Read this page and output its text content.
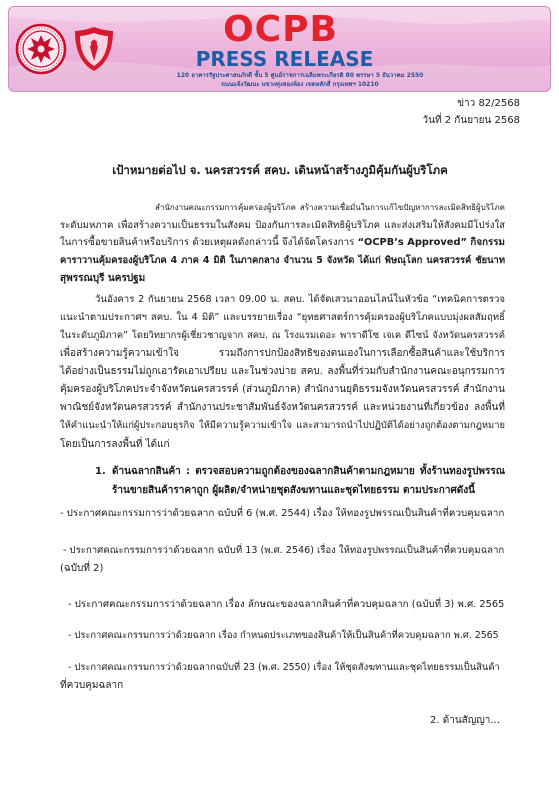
OCPB
PRESS RELEASE
120 อาคารรัฐประศาสนภักดี ชั้น 5 ศูนย์ราชการเฉลิมพระเกียรติ 80 พรรษา 5 ธันวาคม 2550
ถนนแจ้งวัฒนะ แขวงทุ่งสองห้อง เขตหลักสี่ กรุงเทพฯ 10210
ข่าว 82/2568
วันที่ 2 กันยายน 2568
เป้าหมายต่อไป จ. นครสวรรค์ สคบ. เดินหน้าสร้างภูมิคุ้มกันผู้บริโภค
สำนักงานคณะกรรมการคุ้มครองผู้บริโภค สร้างความเชื่อมั่นในการแก้ไขปัญหาการละเมิดสิทธิผู้บริโภค
ระดับมหภาค เพื่อสร้างความเป็นธรรมในสังคม ป้องกันการละเมิดสิทธิผู้บริโภค และส่งเสริมให้สังคมมีโปร่งใส
ในการซื้อขายสินค้าหรือบริการ ด้วยเหตุผลดังกล่าวนี้ จึงได้จัดโครงการ “OCPB’s Approved” กิจกรรม
คาราวานคุ้มครองผู้บริโภค 4 ภาค 4 มิติ ในภาคกลาง จำนวน 5 จังหวัด ได้แก่ พิษณุโลก นครสวรรค์ ชัยนาท
สุพรรณบุรี นครปฐม
วันอังคาร 2 กันยายน 2568 เวลา 09.00 น. สคบ. ได้จัดเสวนาออนไลน์ในหัวข้อ “เทคนิคการตรวจ
แนะนำตามประกาศฯ สคบ. ใน 4 มิติ” และบรรยายเรื่อง “ยุทธศาสตร์การคุ้มครองผู้บริโภคแบบมุ่งผลสัมฤทธิ์
ในระดับภูมิภาค” โดยวิทยากรผู้เชี่ยวชาญจาก สคบ. ณ โรงแรมเดอะ พาราดีโซ เจเค ดีไซน์ จังหวัดนครสวรรค์
เพื่อสร้างความรู้ความเข้าใจ รวมถึงการปกป้องสิทธิของตนเองในการเลือกซื้อสินค้าและใช้บริการ
ได้อย่างเป็นธรรมไม่ถูกเอารัดเอาเปรียบ และในช่วงบ่าย สคบ. ลงพื้นที่ร่วมกับสำนักงานคณะอนุกรรมการ
คุ้มครองผู้บริโภคประจำจังหวัดนครสวรรค์ (ส่วนภูมิภาค) สำนักงานยุติธรรมจังหวัดนครสวรรค์ สำนักงาน
พาณิชย์จังหวัดนครสวรรค์ สำนักงานประชาสัมพันธ์จังหวัดนครสวรรค์ และหน่วยงานที่เกี่ยวข้อง ลงพื้นที่
ให้คำแนะนำให้แก่ผู้ประกอบธุรกิจ ให้มีความรู้ความเข้าใจ และสามารถนำไปปฏิบัติได้อย่างถูกต้องตามกฎหมาย
โดยเป็นการลงพื้นที่ ได้แก่
1. ด้านฉลากสินค้า : ตรวจสอบความถูกต้องของฉลากสินค้าตามกฎหมาย ทั้งร้านทองรูปพรรณ
ร้านขายสินค้าราคาถูก ผู้ผลิต/จำหน่ายชุดสังฆทานและชุดไทยธรรม ตามประกาศดังนี้
- ประกาศคณะกรรมการว่าด้วยฉลาก ฉบับที่ 6 (พ.ศ. 2544) เรื่อง ให้ทองรูปพรรณเป็นสินค้าที่ควบคุมฉลาก
- ประกาศคณะกรรมการว่าด้วยฉลาก ฉบับที่ 13 (พ.ศ. 2546) เรื่อง ให้ทองรูปพรรณเป็นสินค้าที่ควบคุมฉลาก
(ฉบับที่ 2)
- ประกาศคณะกรรมการว่าด้วยฉลาก เรื่อง ลักษณะของฉลากสินค้าที่ควบคุมฉลาก (ฉบับที่ 3) พ.ศ. 2565
- ประกาศคณะกรรมการว่าด้วยฉลาก เรื่อง กำหนดประเภทของสินค้าให้เป็นสินค้าที่ควบคุมฉลาก พ.ศ. 2565
- ประกาศคณะกรรมการว่าด้วยฉลากฉบับที่ 23 (พ.ศ. 2550) เรื่อง ให้ชุดสังฆทานและชุดไทยธรรมเป็นสินค้า
ที่ควบคุมฉลาก
2. ด้านสัญญา...
